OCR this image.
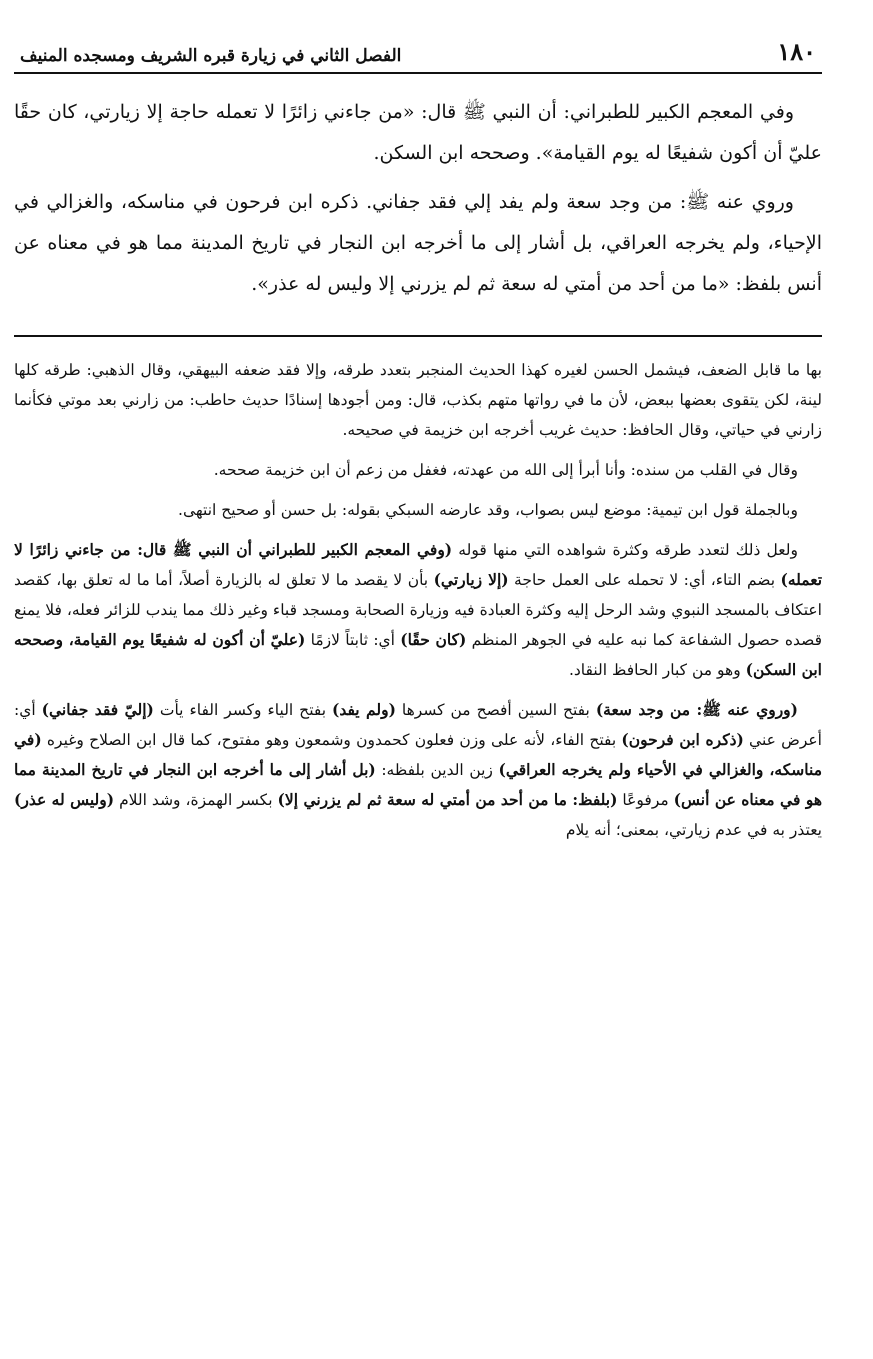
١٨٠
الفصل الثاني في زيارة قبره الشريف ومسجده المنيف

وفي المعجم الكبير للطبراني: أن النبي ﷺ قال: «من جاءني زائرًا لا تعمله حاجة إلا زيارتي، كان حقًا عليّ أن أكون شفيعًا له يوم القيامة». وصححه ابن السكن.

وروي عنه ﷺ: من وجد سعة ولم يفد إلي فقد جفاني. ذكره ابن فرحون في مناسكه، والغزالي في الإحياء، ولم يخرجه العراقي، بل أشار إلى ما أخرجه ابن النجار في تاريخ المدينة مما هو في معناه عن أنس بلفظ: «ما من أحد من أمتي له سعة ثم لم يزرني إلا وليس له عذر».

بها ما قابل الضعف، فيشمل الحسن لغيره كهذا الحديث المنجبر بتعدد طرقه، وإلا فقد ضعفه البيهقي، وقال الذهبي: طرقه كلها لينة، لكن يتقوى بعضها ببعض، لأن ما في رواتها متهم بكذب، قال: ومن أجودها إسنادًا حديث حاطب: من زارني بعد موتي فكأنما زارني في حياتي، وقال الحافظ: حديث غريب أخرجه ابن خزيمة في صحيحه.

وقال في القلب من سنده: وأنا أبرأ إلى الله من عهدته، فغفل من زعم أن ابن خزيمة صححه.

وبالجملة قول ابن تيمية: موضع ليس بصواب، وقد عارضه السبكي بقوله: بل حسن أو صحيح انتهى.

ولعل ذلك لتعدد طرقه وكثرة شواهده التي منها قوله (وفي المعجم الكبير للطبراني أن النبي ﷺ قال: من جاءني زائرًا لا تعمله) بضم التاء، أي: لا تحمله على العمل حاجة (إلا زيارتي) بأن لا يقصد ما لا تعلق له بالزيارة أصلاً، أما ما له تعلق بها، كقصد اعتكاف بالمسجد النبوي وشد الرحل إليه وكثرة العبادة فيه وزيارة الصحابة ومسجد قباء وغير ذلك مما يندب للزائر فعله، فلا يمنع قصده حصول الشفاعة كما نبه عليه في الجوهر المنظم (كان حقًا) أي: ثابتاً لازمًا (عليّ أن أكون له شفيعًا يوم القيامة، وصححه ابن السكن) وهو من كبار الحافظ النقاد.

(وروي عنه ﷺ: من وجد سعة) بفتح السين أفصح من كسرها (ولم يفد) بفتح الياء وكسر الفاء يأت (إليّ فقد جفاني) أي: أعرض عني (ذكره ابن فرحون) بفتح الفاء، لأنه على وزن فعلون كحمدون وشمعون وهو مفتوح، كما قال ابن الصلاح وغيره (في مناسكه، والغزالي في الأحياء ولم يخرجه العراقي) زين الدين بلفظه: (بل أشار إلى ما أخرجه ابن النجار في تاريخ المدينة مما هو في معناه عن أنس) مرفوعًا (بلفظ: ما من أحد من أمتي له سعة ثم لم يزرني إلا) بكسر الهمزة، وشد اللام (وليس له عذر) يعتذر به في عدم زيارتي، بمعنى؛ أنه يلام
